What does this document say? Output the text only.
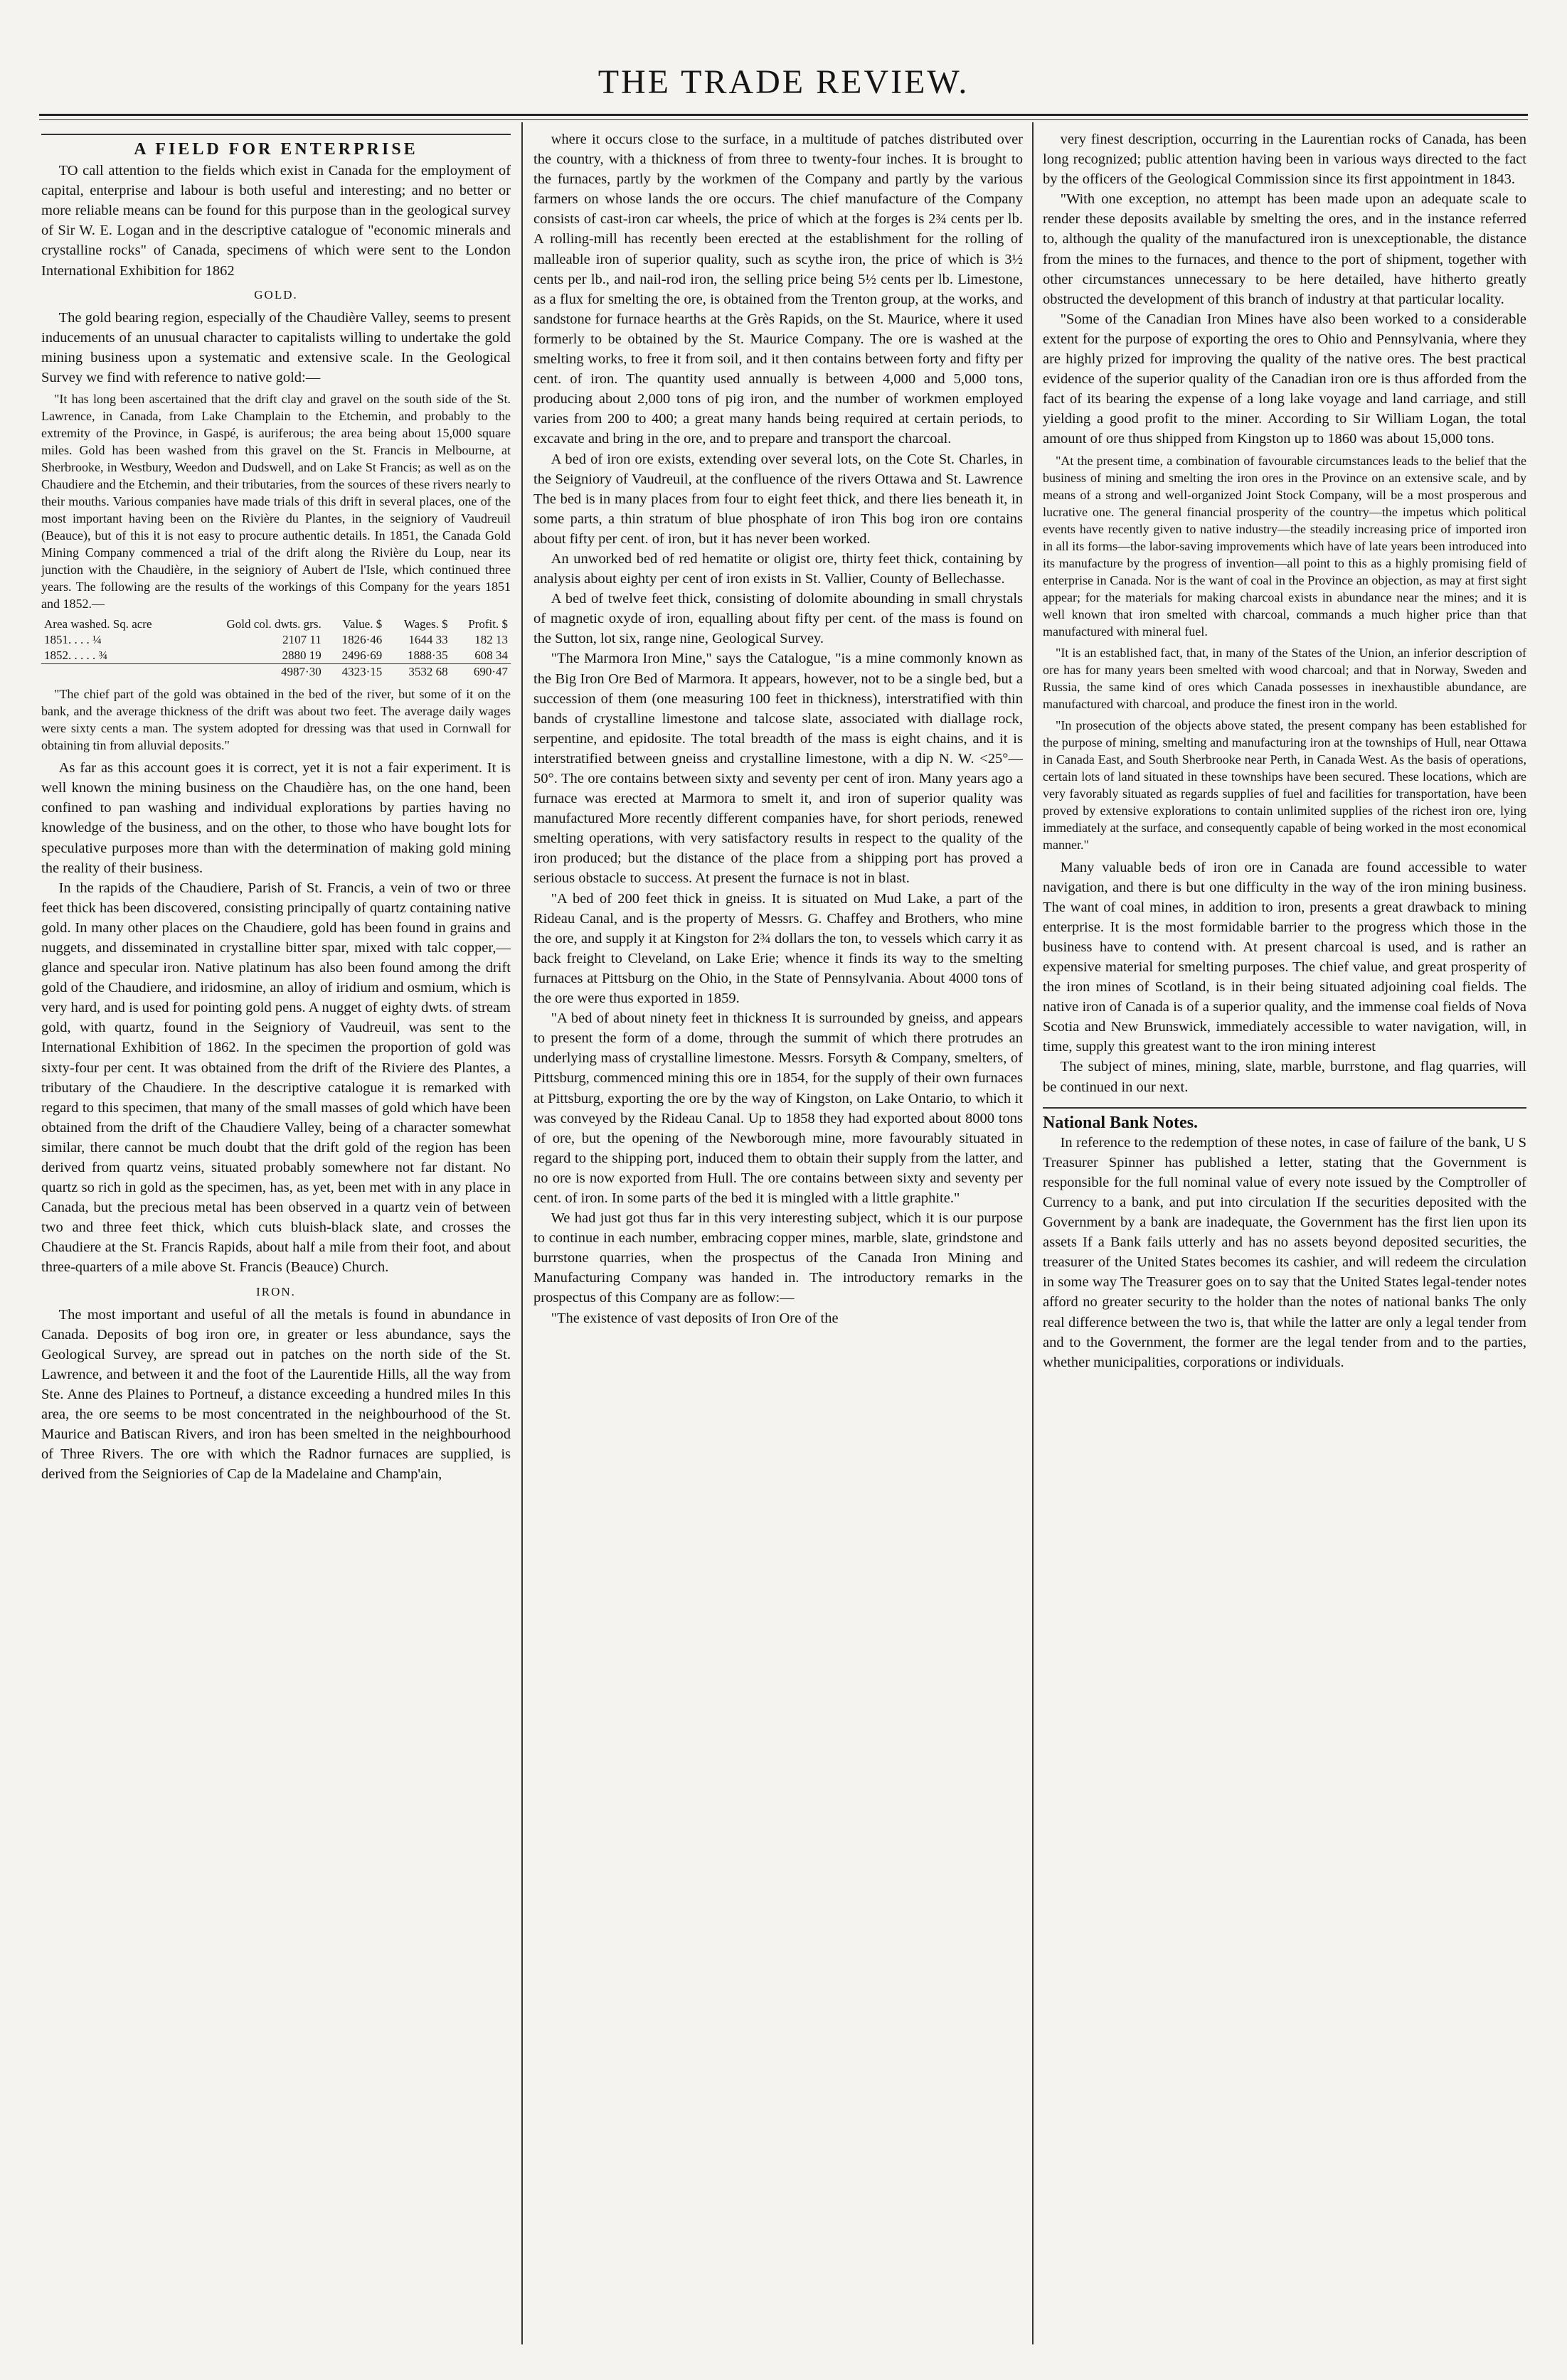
THE TRADE REVIEW.
A FIELD FOR ENTERPRISE

TO call attention to the fields which exist in Canada for the employment of capital, enterprise and labour is both useful and interesting; and no better or more reliable means can be found for this purpose than in the geological survey of Sir W. E. Logan and in the descriptive catalogue of "economic minerals and crystalline rocks" of Canada, specimens of which were sent to the London International Exhibition for 1862

GOLD.

The gold bearing region, especially of the Chaudière Valley, seems to present inducements of an unusual character to capitalists willing to undertake the gold mining business upon a systematic and extensive scale. In the Geological Survey we find with reference to native gold:—

"It has long been ascertained that the drift clay and gravel on the south side of the St. Lawrence, in Canada, from Lake Champlain to the Etchemin, and probably to the extremity of the Province, in Gaspé, is auriferous; the area being about 15,000 square miles. Gold has been washed from this gravel on the St. Francis in Melbourne, at Sherbrooke, in Westbury, Weedon and Dudswell, and on Lake St Francis; as well as on the Chaudiere and the Etchemin, and their tributaries, from the sources of these rivers nearly to their mouths. Various companies have made trials of this drift in several places, one of the most important having been on the Rivière du Plantes, in the seigniory of Vaudreuil (Beauce), but of this it is not easy to procure authentic details. In 1851, the Canada Gold Mining Company commenced a trial of the drift along the Rivière du Loup, near its junction with the Chaudière, in the seigniory of Aubert de l'Isle, which continued three years. The following are the results of the workings of this Company for the years 1851 and 1852.—

Area washed. Sq. acre	Gold col. dwts. grs.	Value. $	Wages. $	Profit. $
1851. . . . ¼	2107 11	1826·46	1644 33	182 13
1852. . . . . ¾	2880 19	2496·69	1888·35	608 34
	4987·30	4323·15	3532 68	690·47

"The chief part of the gold was obtained in the bed of the river, but some of it on the bank, and the average thickness of the drift was about two feet. The average daily wages were sixty cents a man. The system adopted for dressing was that used in Cornwall for obtaining tin from alluvial deposits."

As far as this account goes it is correct, yet it is not a fair experiment. It is well known the mining business on the Chaudière has, on the one hand, been confined to pan washing and individual explorations by parties having no knowledge of the business, and on the other, to those who have bought lots for speculative purposes more than with the determination of making gold mining the reality of their business.

In the rapids of the Chaudiere, Parish of St. Francis, a vein of two or three feet thick has been discovered, consisting principally of quartz containing native gold. In many other places on the Chaudiere, gold has been found in grains and nuggets, and disseminated in crystalline bitter spar, mixed with talc copper,—glance and specular iron. Native platinum has also been found among the drift gold of the Chaudiere, and iridosmine, an alloy of iridium and osmium, which is very hard, and is used for pointing gold pens. A nugget of eighty dwts. of stream gold, with quartz, found in the Seigniory of Vaudreuil, was sent to the International Exhibition of 1862. In the specimen the proportion of gold was sixty-four per cent. It was obtained from the drift of the Riviere des Plantes, a tributary of the Chaudiere. In the descriptive catalogue it is remarked with regard to this specimen, that many of the small masses of gold which have been obtained from the drift of the Chaudiere Valley, being of a character somewhat similar, there cannot be much doubt that the drift gold of the region has been derived from quartz veins, situated probably somewhere not far distant. No quartz so rich in gold as the specimen, has, as yet, been met with in any place in Canada, but the precious metal has been observed in a quartz vein of between two and three feet thick, which cuts bluish-black slate, and crosses the Chaudiere at the St. Francis Rapids, about half a mile from their foot, and about three-quarters of a mile above St. Francis (Beauce) Church.

IRON.

The most important and useful of all the metals is found in abundance in Canada. Deposits of bog iron ore, in greater or less abundance, says the Geological Survey, are spread out in patches on the north side of the St. Lawrence, and between it and the foot of the Laurentide Hills, all the way from Ste. Anne des Plaines to Portneuf, a distance exceeding a hundred miles In this area, the ore seems to be most concentrated in the neighbourhood of the St. Maurice and Batiscan Rivers, and iron has been smelted in the neighbourhood of Three Rivers. The ore with which the Radnor furnaces are supplied, is derived from the Seigniories of Cap de la Madelaine and Champ'ain,

where it occurs close to the surface, in a multitude of patches distributed over the country, with a thickness of from three to twenty-four inches. It is brought to the furnaces, partly by the workmen of the Company and partly by the various farmers on whose lands the ore occurs. The chief manufacture of the Company consists of cast-iron car wheels, the price of which at the forges is 2¾ cents per lb. A rolling-mill has recently been erected at the establishment for the rolling of malleable iron of superior quality, such as scythe iron, the price of which is 3½ cents per lb., and nail-rod iron, the selling price being 5½ cents per lb. Limestone, as a flux for smelting the ore, is obtained from the Trenton group, at the works, and sandstone for furnace hearths at the Grès Rapids, on the St. Maurice, where it used formerly to be obtained by the St. Maurice Company. The ore is washed at the smelting works, to free it from soil, and it then contains between forty and fifty per cent. of iron. The quantity used annually is between 4,000 and 5,000 tons, producing about 2,000 tons of pig iron, and the number of workmen employed varies from 200 to 400; a great many hands being required at certain periods, to excavate and bring in the ore, and to prepare and transport the charcoal.

A bed of iron ore exists, extending over several lots, on the Cote St. Charles, in the Seigniory of Vaudreuil, at the confluence of the rivers Ottawa and St. Lawrence The bed is in many places from four to eight feet thick, and there lies beneath it, in some parts, a thin stratum of blue phosphate of iron This bog iron ore contains about fifty per cent. of iron, but it has never been worked.

An unworked bed of red hematite or oligist ore, thirty feet thick, containing by analysis about eighty per cent of iron exists in St. Vallier, County of Bellechasse.

A bed of twelve feet thick, consisting of dolomite abounding in small chrystals of magnetic oxyde of iron, equalling about fifty per cent. of the mass is found on the Sutton, lot six, range nine, Geological Survey.

"The Marmora Iron Mine," says the Catalogue, "is a mine commonly known as the Big Iron Ore Bed of Marmora. It appears, however, not to be a single bed, but a succession of them (one measuring 100 feet in thickness), interstratified with thin bands of crystalline limestone and talcose slate, associated with diallage rock, serpentine, and epidosite. The total breadth of the mass is eight chains, and it is interstratified between gneiss and crystalline limestone, with a dip N. W. <25°—50°. The ore contains between sixty and seventy per cent of iron. Many years ago a furnace was erected at Marmora to smelt it, and iron of superior quality was manufactured More recently different companies have, for short periods, renewed smelting operations, with very satisfactory results in respect to the quality of the iron produced; but the distance of the place from a shipping port has proved a serious obstacle to success. At present the furnace is not in blast.

"A bed of 200 feet thick in gneiss. It is situated on Mud Lake, a part of the Rideau Canal, and is the property of Messrs. G. Chaffey and Brothers, who mine the ore, and supply it at Kingston for 2¾ dollars the ton, to vessels which carry it as back freight to Cleveland, on Lake Erie; whence it finds its way to the smelting furnaces at Pittsburg on the Ohio, in the State of Pennsylvania. About 4000 tons of the ore were thus exported in 1859.

"A bed of about ninety feet in thickness It is surrounded by gneiss, and appears to present the form of a dome, through the summit of which there protrudes an underlying mass of crystalline limestone. Messrs. Forsyth & Company, smelters, of Pittsburg, commenced mining this ore in 1854, for the supply of their own furnaces at Pittsburg, exporting the ore by the way of Kingston, on Lake Ontario, to which it was conveyed by the Rideau Canal. Up to 1858 they had exported about 8000 tons of ore, but the opening of the Newborough mine, more favourably situated in regard to the shipping port, induced them to obtain their supply from the latter, and no ore is now exported from Hull. The ore contains between sixty and seventy per cent. of iron. In some parts of the bed it is mingled with a little graphite."

We had just got thus far in this very interesting subject, which it is our purpose to continue in each number, embracing copper mines, marble, slate, grindstone and burrstone quarries, when the prospectus of the Canada Iron Mining and Manufacturing Company was handed in. The introductory remarks in the prospectus of this Company are as follow:—

"The existence of vast deposits of Iron Ore of the

very finest description, occurring in the Laurentian rocks of Canada, has been long recognized; public attention having been in various ways directed to the fact by the officers of the Geological Commission since its first appointment in 1843.

"With one exception, no attempt has been made upon an adequate scale to render these deposits available by smelting the ores, and in the instance referred to, although the quality of the manufactured iron is unexceptionable, the distance from the mines to the furnaces, and thence to the port of shipment, together with other circumstances unnecessary to be here detailed, have hitherto greatly obstructed the development of this branch of industry at that particular locality.

"Some of the Canadian Iron Mines have also been worked to a considerable extent for the purpose of exporting the ores to Ohio and Pennsylvania, where they are highly prized for improving the quality of the native ores. The best practical evidence of the superior quality of the Canadian iron ore is thus afforded from the fact of its bearing the expense of a long lake voyage and land carriage, and still yielding a good profit to the miner. According to Sir William Logan, the total amount of ore thus shipped from Kingston up to 1860 was about 15,000 tons.

"At the present time, a combination of favourable circumstances leads to the belief that the business of mining and smelting the iron ores in the Province on an extensive scale, and by means of a strong and well-organized Joint Stock Company, will be a most prosperous and lucrative one. The general financial prosperity of the country—the impetus which political events have recently given to native industry—the steadily increasing price of imported iron in all its forms—the labor-saving improvements which have of late years been introduced into its manufacture by the progress of invention—all point to this as a highly promising field of enterprise in Canada. Nor is the want of coal in the Province an objection, as may at first sight appear; for the materials for making charcoal exists in abundance near the mines; and it is well known that iron smelted with charcoal, commands a much higher price than that manufactured with mineral fuel.

"It is an established fact, that, in many of the States of the Union, an inferior description of ore has for many years been smelted with wood charcoal; and that in Norway, Sweden and Russia, the same kind of ores which Canada possesses in inexhaustible abundance, are manufactured with charcoal, and produce the finest iron in the world.

"In prosecution of the objects above stated, the present company has been established for the purpose of mining, smelting and manufacturing iron at the townships of Hull, near Ottawa in Canada East, and South Sherbrooke near Perth, in Canada West. As the basis of operations, certain lots of land situated in these townships have been secured. These locations, which are very favorably situated as regards supplies of fuel and facilities for transportation, have been proved by extensive explorations to contain unlimited supplies of the richest iron ore, lying immediately at the surface, and consequently capable of being worked in the most economical manner."

Many valuable beds of iron ore in Canada are found accessible to water navigation, and there is but one difficulty in the way of the iron mining business. The want of coal mines, in addition to iron, presents a great drawback to mining enterprise. It is the most formidable barrier to the progress which those in the business have to contend with. At present charcoal is used, and is rather an expensive material for smelting purposes. The chief value, and great prosperity of the iron mines of Scotland, is in their being situated adjoining coal fields. The native iron of Canada is of a superior quality, and the immense coal fields of Nova Scotia and New Brunswick, immediately accessible to water navigation, will, in time, supply this greatest want to the iron mining interest

The subject of mines, mining, slate, marble, burrstone, and flag quarries, will be continued in our next.

National Bank Notes.

In reference to the redemption of these notes, in case of failure of the bank, U S Treasurer Spinner has published a letter, stating that the Government is responsible for the full nominal value of every note issued by the Comptroller of Currency to a bank, and put into circulation If the securities deposited with the Government by a bank are inadequate, the Government has the first lien upon its assets If a Bank fails utterly and has no assets beyond deposited securities, the treasurer of the United States becomes its cashier, and will redeem the circulation in some way The Treasurer goes on to say that the United States legal-tender notes afford no greater security to the holder than the notes of national banks The only real difference between the two is, that while the latter are only a legal tender from and to the Government, the former are the legal tender from and to the parties, whether municipalities, corporations or individuals.
